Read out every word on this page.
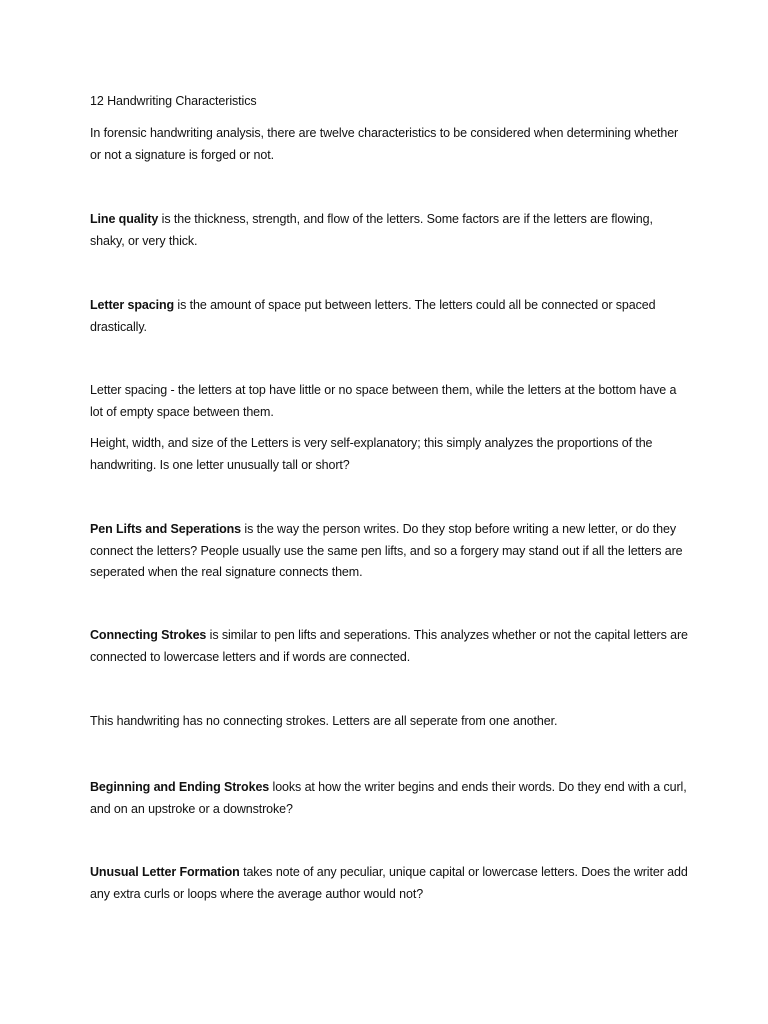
12 Handwriting Characteristics

In forensic handwriting analysis, there are twelve characteristics to be considered when determining whether or not a signature is forged or not.

Line quality is the thickness, strength, and flow of the letters. Some factors are if the letters are flowing, shaky, or very thick.

Letter spacing is the amount of space put between letters. The letters could all be connected or spaced drastically.

Letter spacing - the letters at top have little or no space between them, while the letters at the bottom have a lot of empty space between them.

Height, width, and size of the Letters is very self-explanatory; this simply analyzes the proportions of the handwriting. Is one letter unusually tall or short?

Pen Lifts and Seperations is the way the person writes. Do they stop before writing a new letter, or do they connect the letters? People usually use the same pen lifts, and so a forgery may stand out if all the letters are seperated when the real signature connects them.

Connecting Strokes is similar to pen lifts and seperations. This analyzes whether or not the capital letters are connected to lowercase letters and if words are connected.

This handwriting has no connecting strokes. Letters are all seperate from one another.

Beginning and Ending Strokes looks at how the writer begins and ends their words. Do they end with a curl, and on an upstroke or a downstroke?

Unusual Letter Formation takes note of any peculiar, unique capital or lowercase letters. Does the writer add any extra curls or loops where the average author would not?
